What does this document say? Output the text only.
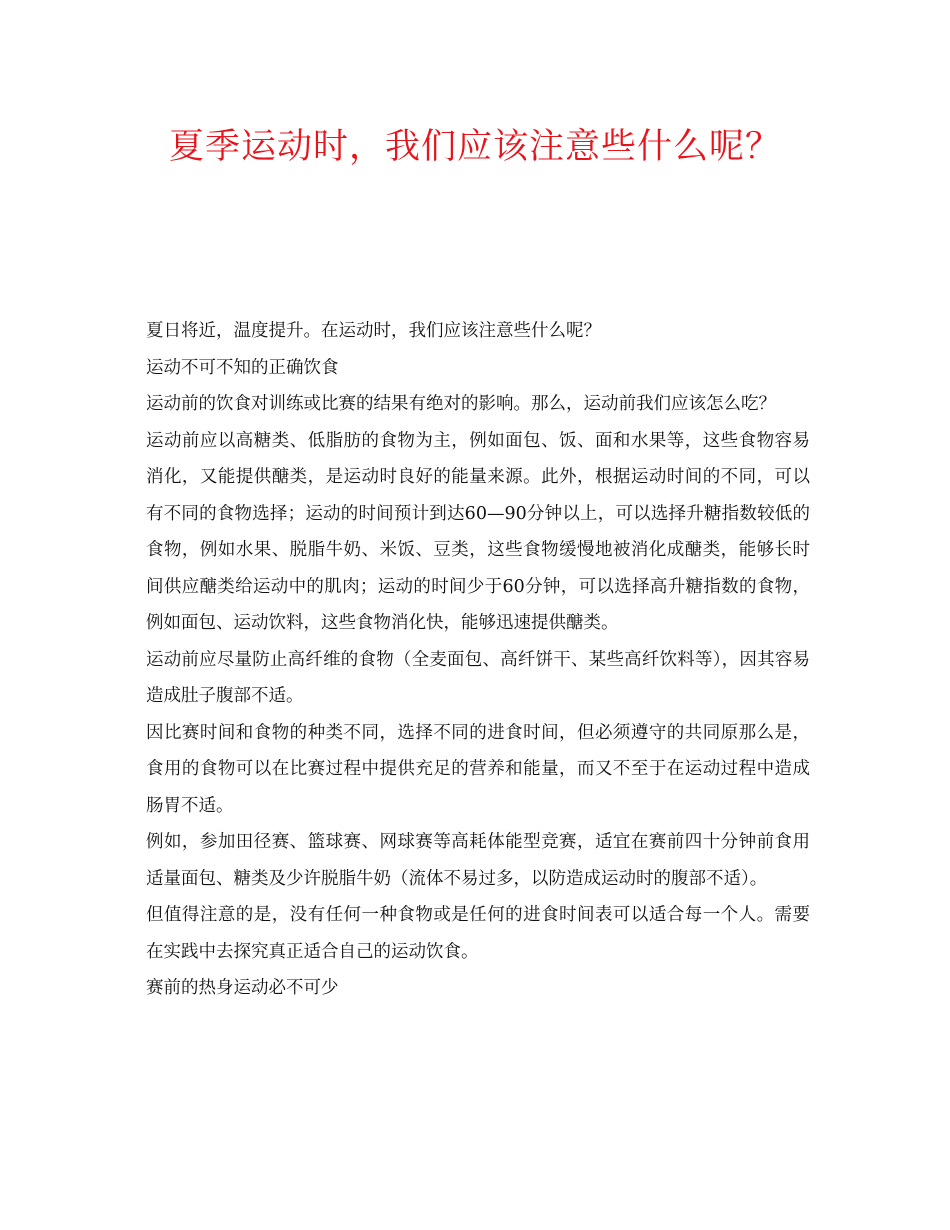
夏季运动时，我们应该注意些什么呢？

夏日将近，温度提升。在运动时，我们应该注意些什么呢？

运动不可不知的正确饮食

运动前的饮食对训练或比赛的结果有绝对的影响。那么，运动前我们应该怎么吃？

运动前应以高糖类、低脂肪的食物为主，例如面包、饭、面和水果等，这些食物容易消化，又能提供醣类，是运动时良好的能量来源。此外，根据运动时间的不同，可以有不同的食物选择；运动的时间预计到达60—90分钟以上，可以选择升糖指数较低的食物，例如水果、脱脂牛奶、米饭、豆类，这些食物缓慢地被消化成醣类，能够长时间供应醣类给运动中的肌肉；运动的时间少于60分钟，可以选择高升糖指数的食物，例如面包、运动饮料，这些食物消化快，能够迅速提供醣类。

运动前应尽量防止高纤维的食物（全麦面包、高纤饼干、某些高纤饮料等），因其容易造成肚子腹部不适。

因比赛时间和食物的种类不同，选择不同的进食时间，但必须遵守的共同原那么是，食用的食物可以在比赛过程中提供充足的营养和能量，而又不至于在运动过程中造成肠胃不适。

例如，参加田径赛、篮球赛、网球赛等高耗体能型竞赛，适宜在赛前四十分钟前食用适量面包、糖类及少许脱脂牛奶（流体不易过多，以防造成运动时的腹部不适）。

但值得注意的是，没有任何一种食物或是任何的进食时间表可以适合每一个人。需要在实践中去探究真正适合自己的运动饮食。

赛前的热身运动必不可少
